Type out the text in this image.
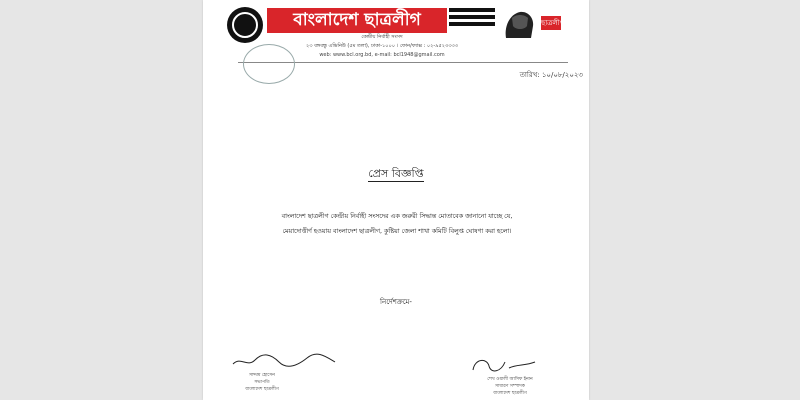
বাংলাদেশ ছাত্রলীগ	ছাত্রলীগ
কেন্দ্রীয় নির্বাহী সংসদ
২৩ বঙ্গবন্ধু এভিনিউ (৫ম তলা), ঢাকা-১০০০ । ফোন/ফ্যাক্স : ০২-৯৫২৩৩৩৩
web: www.bcl.org.bd, e-mail: bcl1948@gmail.com
তারিখ: ১০/০৮/২০২৩
প্রেস বিজ্ঞপ্তি
বাংলাদেশ ছাত্রলীগ কেন্দ্রীয় নির্বাহী সংসদের এক জরুরী সিদ্ধান্ত মোতাবেক জানানো যাচ্ছে যে,
মেয়াদোত্তীর্ণ হওয়ায় বাংলাদেশ ছাত্রলীগ, কুষ্টিয়া জেলা শাখা কমিটি বিলুপ্ত ঘোষণা করা হলো।
নির্দেশক্রমে-
সাদ্দাম হোসেন
সভাপতি
বাংলাদেশ ছাত্রলীগ
শেখ ওয়ালী আসিফ ইনান
সাধারণ সম্পাদক
বাংলাদেশ ছাত্রলীগ
